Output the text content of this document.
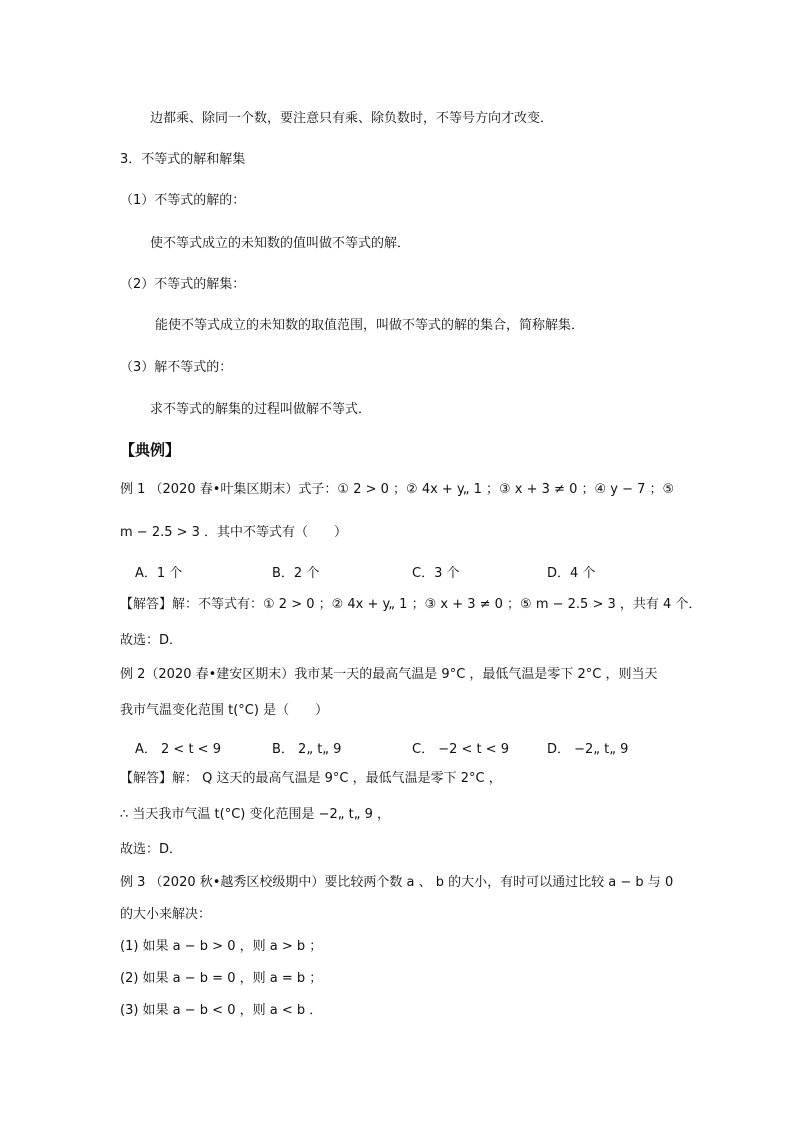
边都乘、除同一个数，要注意只有乘、除负数时，不等号方向才改变．
3．不等式的解和解集
（1）不等式的解的：
使不等式成立的未知数的值叫做不等式的解．
（2）不等式的解集：
能使不等式成立的未知数的取值范围，叫做不等式的解的集合，简称解集．
（3）解不等式的：
求不等式的解集的过程叫做解不等式．
【典例】
例 1 （2020 春•叶集区期末）式子：① 2 > 0 ；② 4x + y„ 1 ；③ x + 3 ≠ 0 ；④ y − 7 ；⑤
m − 2.5 > 3 ．其中不等式有（　　）
A．1 个	B．2 个	C．3 个	D．4 个
【解答】解：不等式有：① 2 > 0 ；② 4x + y„ 1 ；③ x + 3 ≠ 0 ；⑤ m − 2.5 > 3 ，共有 4 个．
故选：D．
例 2（2020 春•建安区期末）我市某一天的最高气温是 9°C ，最低气温是零下 2°C ，则当天
我市气温变化范围 t(°C) 是（　　）
A． 2 < t < 9	B． 2„ t„ 9	C． −2 < t < 9	D． −2„ t„ 9
【解答】解： Q 这天的最高气温是 9°C ，最低气温是零下 2°C ，
∴ 当天我市气温 t(°C) 变化范围是 −2„ t„ 9 ，
故选：D．
例 3 （2020 秋•越秀区校级期中）要比较两个数 a 、 b 的大小，有时可以通过比较 a − b 与 0
的大小来解决：
(1) 如果 a − b > 0 ，则 a > b ；
(2) 如果 a − b = 0 ，则 a = b ；
(3) 如果 a − b < 0 ，则 a < b ．
